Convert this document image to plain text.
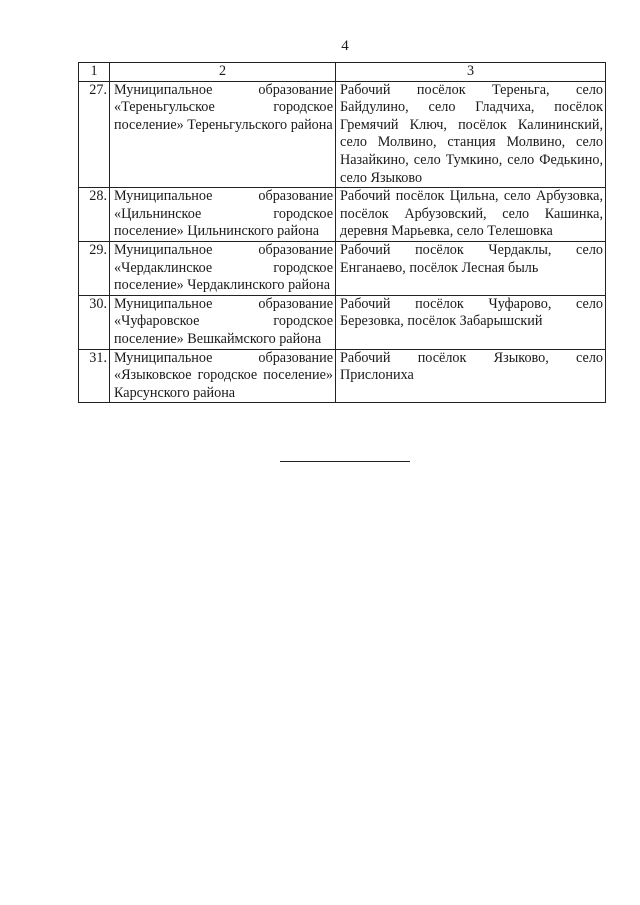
4
1	2	3
27.	Муниципальное образование «Тереньгульское городское поселение» Тереньгульского района	Рабочий посёлок Тереньга, село Байдулино, село Гладчиха, посёлок Гремячий Ключ, посёлок Калининский, село Молвино, станция Молвино, село Назайкино, село Тумкино, село Федькино, село Языково
28.	Муниципальное образование «Цильнинское городское поселение» Цильнинского района	Рабочий посёлок Цильна, село Арбузовка, посёлок Арбузовский, село Кашинка, деревня Марьевка, село Телешовка
29.	Муниципальное образование «Чердаклинское городское поселение» Чердаклинского района	Рабочий посёлок Чердаклы, село Енганаево, посёлок Лесная быль
30.	Муниципальное образование «Чуфаровское городское поселение» Вешкаймского района	Рабочий посёлок Чуфарово, село Березовка, посёлок Забарышский
31.	Муниципальное образование «Языковское городское поселение» Карсунского района	Рабочий посёлок Языково, село Прислониха
